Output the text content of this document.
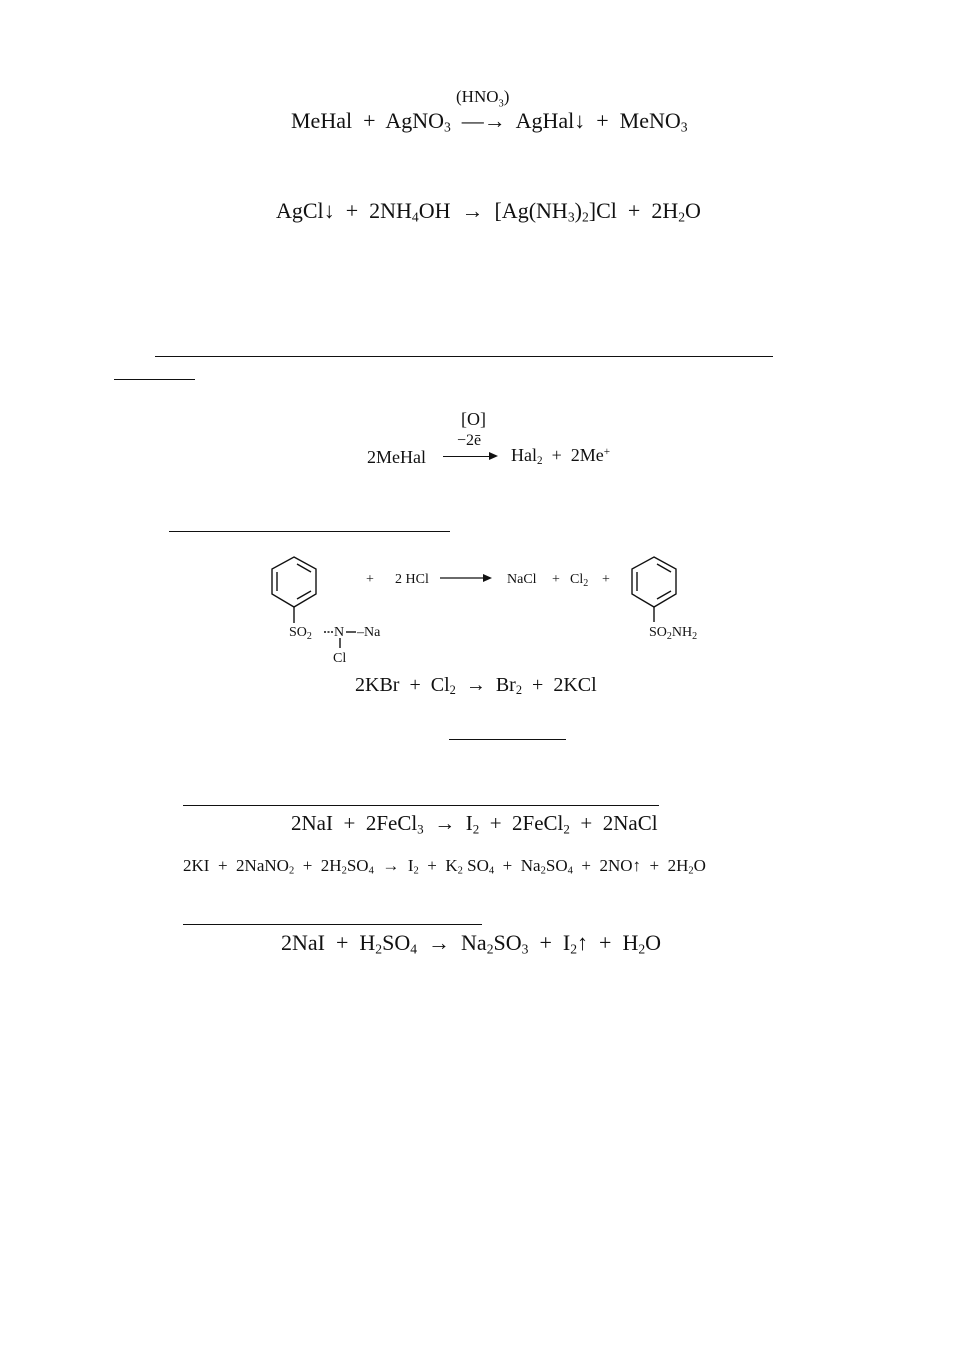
$(HNO_3)$
MeHal + AgNO$_3$ —→ AgHal↓ + MeNO$_3$
AgCl↓ + $2NH_4OH \to [Ag(NH_3)_2]Cl + 2H_2O$
[O]
−2ē
2MeHal	Hal$_2$ + 2Me+
+ 2 HCl	NaCl + $Cl_2$ +
$SO_2$ N – Na
Cl
$SO_2NH_2$
$2KBr + Cl_2 \to Br_2 + 2KCl$
2NaI + 2FeCl$_3$ → $I_2$ + 2FeCl$_2$ + 2NaCl
2KI + 2NaNO$_2$ + $2H_2SO_4 \to I_2 + K_2$ $SO_4 + Na_2SO_4$ + 2NO↑ + $2H_2O$
$2NaI + H_2SO_4 \to Na_2SO_3$ + $I_2↑ + H_2O$
